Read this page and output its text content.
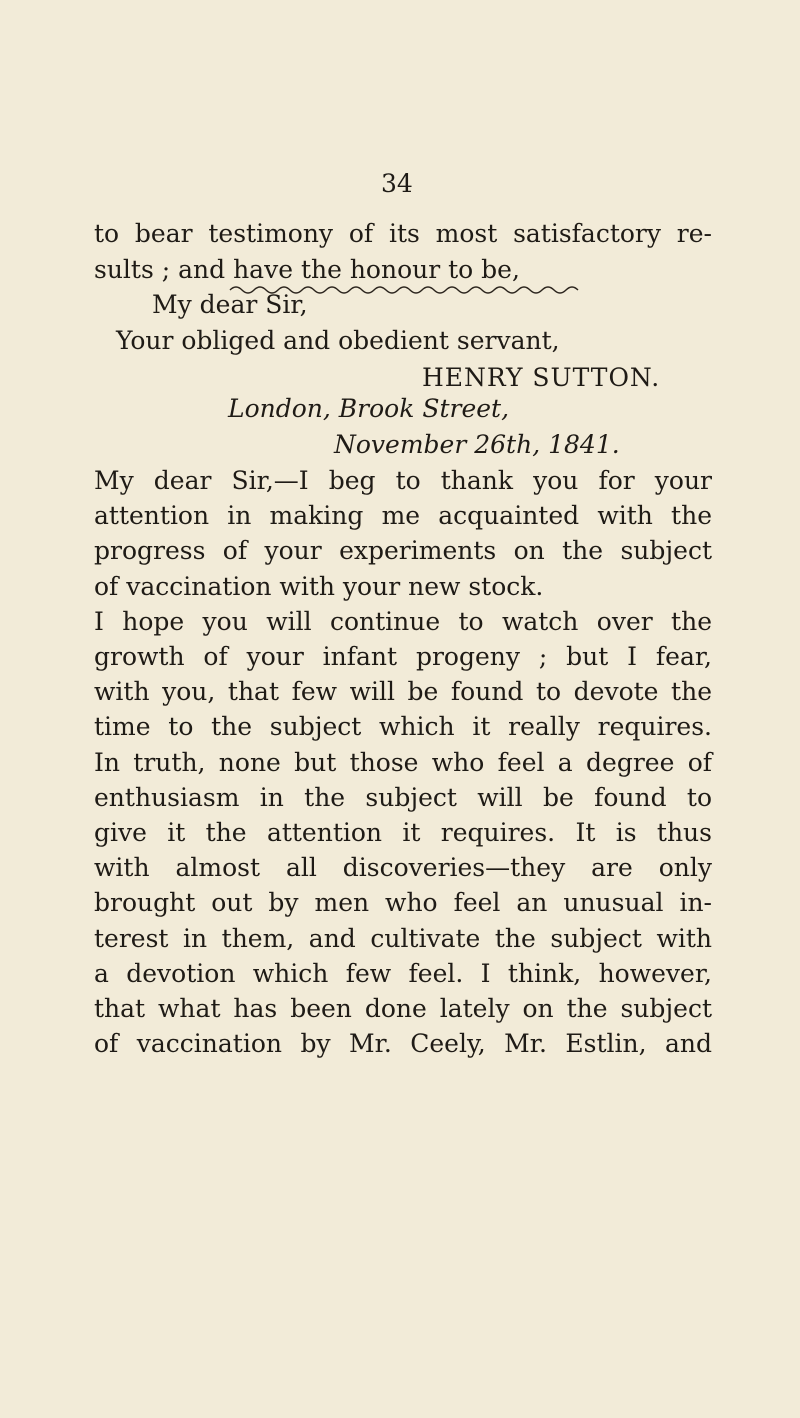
34
to bear testimony of its most satisfactory re-
sults ; and have the honour to be,
My dear Sir,
Your obliged and obedient servant,
HENRY SUTTON.
London, Brook Street,
November 26th, 1841.
My dear Sir,—I beg to thank you for your
attention in making me acquainted with the
progress of your experiments on the subject
of vaccination with your new stock.
I hope you will continue to watch over the
growth of your infant progeny ; but I fear,
with you, that few will be found to devote the
time to the subject which it really requires.
In truth, none but those who feel a degree of
enthusiasm in the subject will be found to
give it the attention it requires. It is thus
with almost all discoveries—they are only
brought out by men who feel an unusual in-
terest in them, and cultivate the subject with
a devotion which few feel. I think, however,
that what has been done lately on the subject
of vaccination by Mr. Ceely, Mr. Estlin, and
